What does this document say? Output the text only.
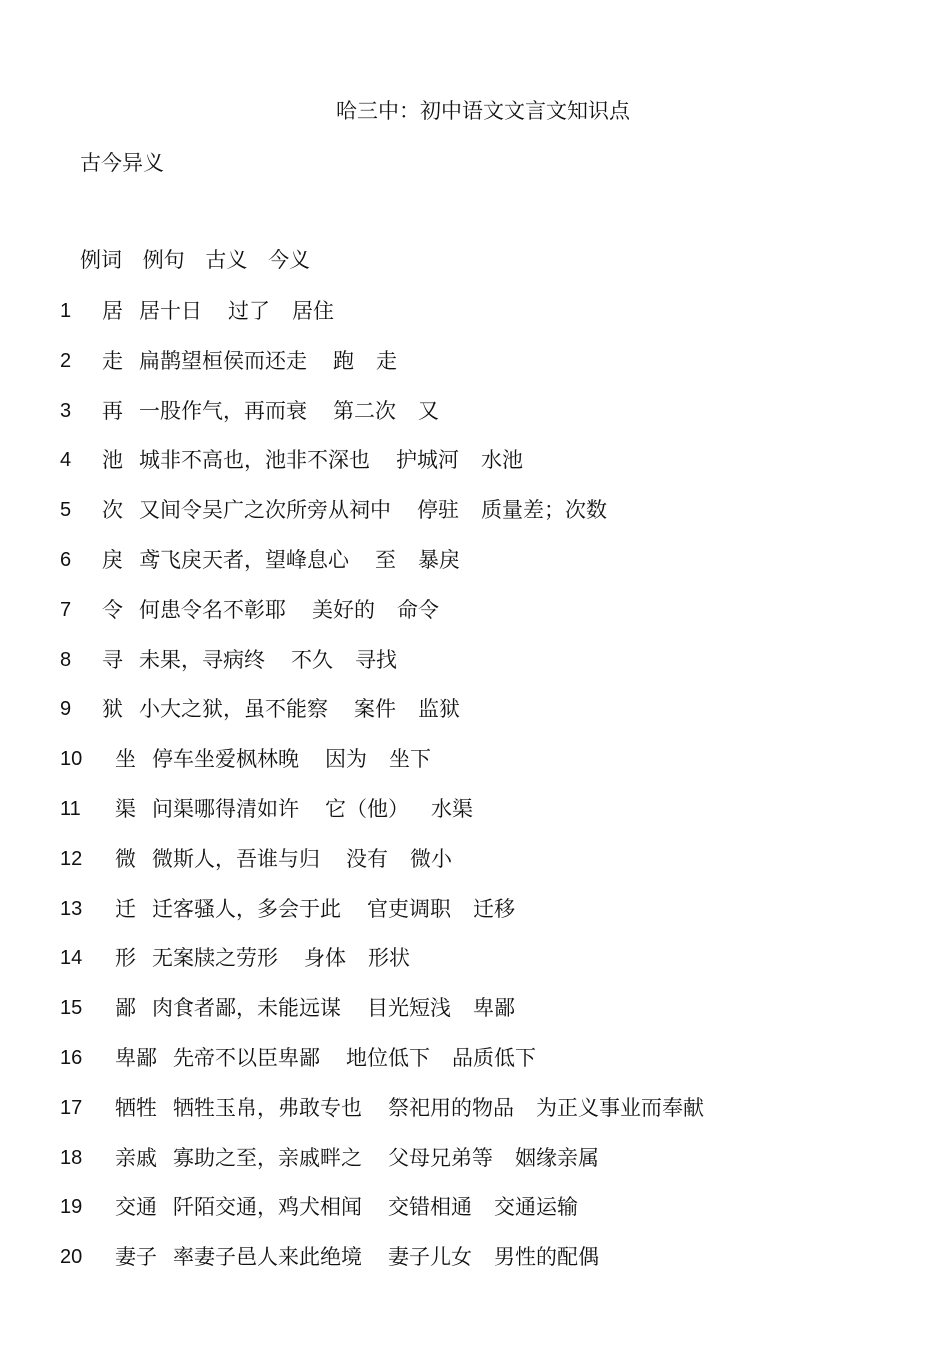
哈三中：初中语文文言文知识点
古今异义
例词 例句 古义 今义
1	居 居十日 过了 居住
2	走 扁鹊望桓侯而还走 跑 走
3	再 一股作气，再而衰 第二次 又
4	池 城非不高也，池非不深也 护城河 水池
5	次 又间令吴广之次所旁从祠中 停驻 质量差；次数
6	戾 鸢飞戾天者，望峰息心 至 暴戾
7	令 何患令名不彰耶 美好的 命令
8	寻 未果，寻病终 不久 寻找
9	狱 小大之狱，虽不能察 案件 监狱
10	坐 停车坐爱枫林晚 因为 坐下
11	渠 问渠哪得清如许 它（他） 水渠
12	微 微斯人，吾谁与归 没有 微小
13	迁 迁客骚人，多会于此 官吏调职 迁移
14	形 无案牍之劳形 身体 形状
15	鄙 肉食者鄙，未能远谋 目光短浅 卑鄙
16	卑鄙 先帝不以臣卑鄙 地位低下 品质低下
17	牺牲 牺牲玉帛，弗敢专也 祭祀用的物品 为正义事业而奉献
18	亲戚 寡助之至，亲戚畔之 父母兄弟等 姻缘亲属
19	交通 阡陌交通，鸡犬相闻 交错相通 交通运输
20	妻子 率妻子邑人来此绝境 妻子儿女 男性的配偶
